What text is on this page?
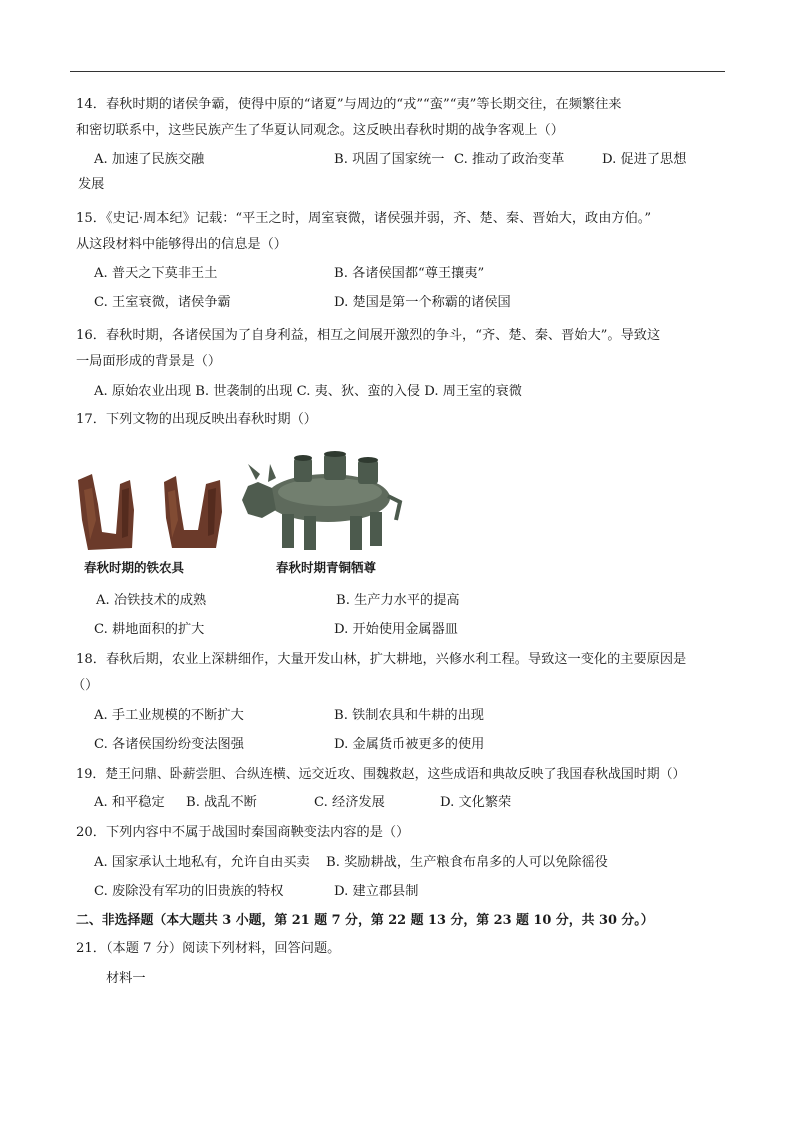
14．春秋时期的诸侯争霸，使得中原的“诸夏”与周边的“戎”“蛮”“夷”等长期交往，在频繁往来
和密切联系中，这些民族产生了华夏认同观念。这反映出春秋时期的战争客观上（）
A. 加速了民族交融	B. 巩固了国家统一 C. 推动了政治变革	D. 促进了思想
发展
15．《史记·周本纪》记载：“平王之时，周室衰微，诸侯强并弱，齐、楚、秦、晋始大，政由方伯。”
从这段材料中能够得出的信息是（）
A. 普天之下莫非王土	B. 各诸侯国都“尊王攘夷”
C. 王室衰微，诸侯争霸	D. 楚国是第一个称霸的诸侯国
16．春秋时期，各诸侯国为了自身利益，相互之间展开激烈的争斗，“齐、楚、秦、晋始大”。导致这
一局面形成的背景是（）
A. 原始农业出现 B. 世袭制的出现 C. 夷、狄、蛮的入侵 D. 周王室的衰微
17．下列文物的出现反映出春秋时期（）
春秋时期的铁农具	春秋时期青铜牺尊
A. 冶铁技术的成熟	B. 生产力水平的提高
C. 耕地面积的扩大	D. 开始使用金属器皿
18．春秋后期，农业上深耕细作，大量开发山林，扩大耕地，兴修水利工程。导致这一变化的主要原因是
（）
A. 手工业规模的不断扩大	B. 铁制农具和牛耕的出现
C. 各诸侯国纷纷变法图强	D. 金属货币被更多的使用
19．楚王问鼎、卧薪尝胆、合纵连横、远交近攻、围魏救赵，这些成语和典故反映了我国春秋战国时期（）
A. 和平稳定 B. 战乱不断	C. 经济发展	D. 文化繁荣
20．下列内容中不属于战国时秦国商鞅变法内容的是（）
A. 国家承认土地私有，允许自由买卖 B. 奖励耕战，生产粮食布帛多的人可以免除徭役
C. 废除没有军功的旧贵族的特权	D. 建立郡县制
二、非选择题（本大题共 3 小题，第 21 题 7 分，第 22 题 13 分，第 23 题 10 分，共 30 分。）
21．（本题 7 分）阅读下列材料，回答问题。
材料一
